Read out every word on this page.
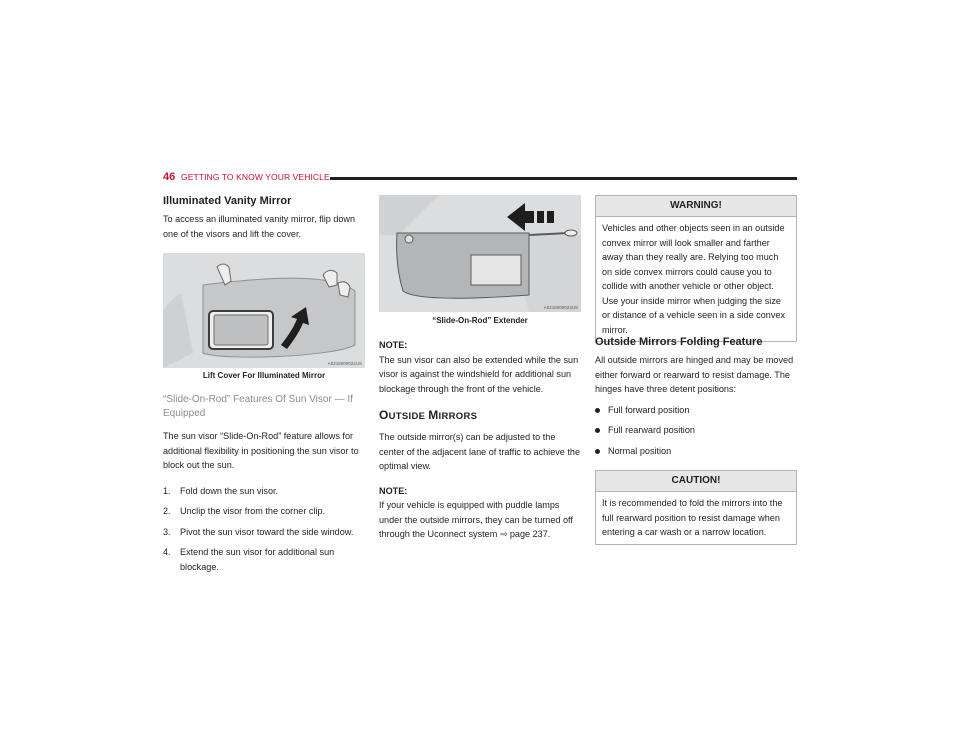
46 GETTING TO KNOW YOUR VEHICLE
Illuminated Vanity Mirror

To access an illuminated vanity mirror, flip down one of the visors and lift the cover.

A0215000022US
Lift Cover For Illuminated Mirror

“Slide-On-Rod” Features Of Sun Visor — If Equipped

The sun visor “Slide-On-Rod” feature allows for additional flexibility in positioning the sun visor to block out the sun.

1. Fold down the sun visor.
2. Unclip the visor from the corner clip.
3. Pivot the sun visor toward the side window.
4. Extend the sun visor for additional sun blockage.
A0215000023US
“Slide-On-Rod” Extender

NOTE:
The sun visor can also be extended while the sun visor is against the windshield for additional sun blockage through the front of the vehicle.

OUTSIDE MIRRORS

The outside mirror(s) can be adjusted to the center of the adjacent lane of traffic to achieve the optimal view.

NOTE:
If your vehicle is equipped with puddle lamps under the outside mirrors, they can be turned off through the Uconnect system ⇨ page 237.

WARNING!
Vehicles and other objects seen in an outside convex mirror will look smaller and farther away than they really are. Relying too much on side convex mirrors could cause you to collide with another vehicle or other object. Use your inside mirror when judging the size or distance of a vehicle seen in a side convex mirror.
Outside Mirrors Folding Feature

All outside mirrors are hinged and may be moved either forward or rearward to resist damage. The hinges have three detent positions:

Full forward position
Full rearward position
Normal position
CAUTION!
It is recommended to fold the mirrors into the full rearward position to resist damage when entering a car wash or a narrow location.
